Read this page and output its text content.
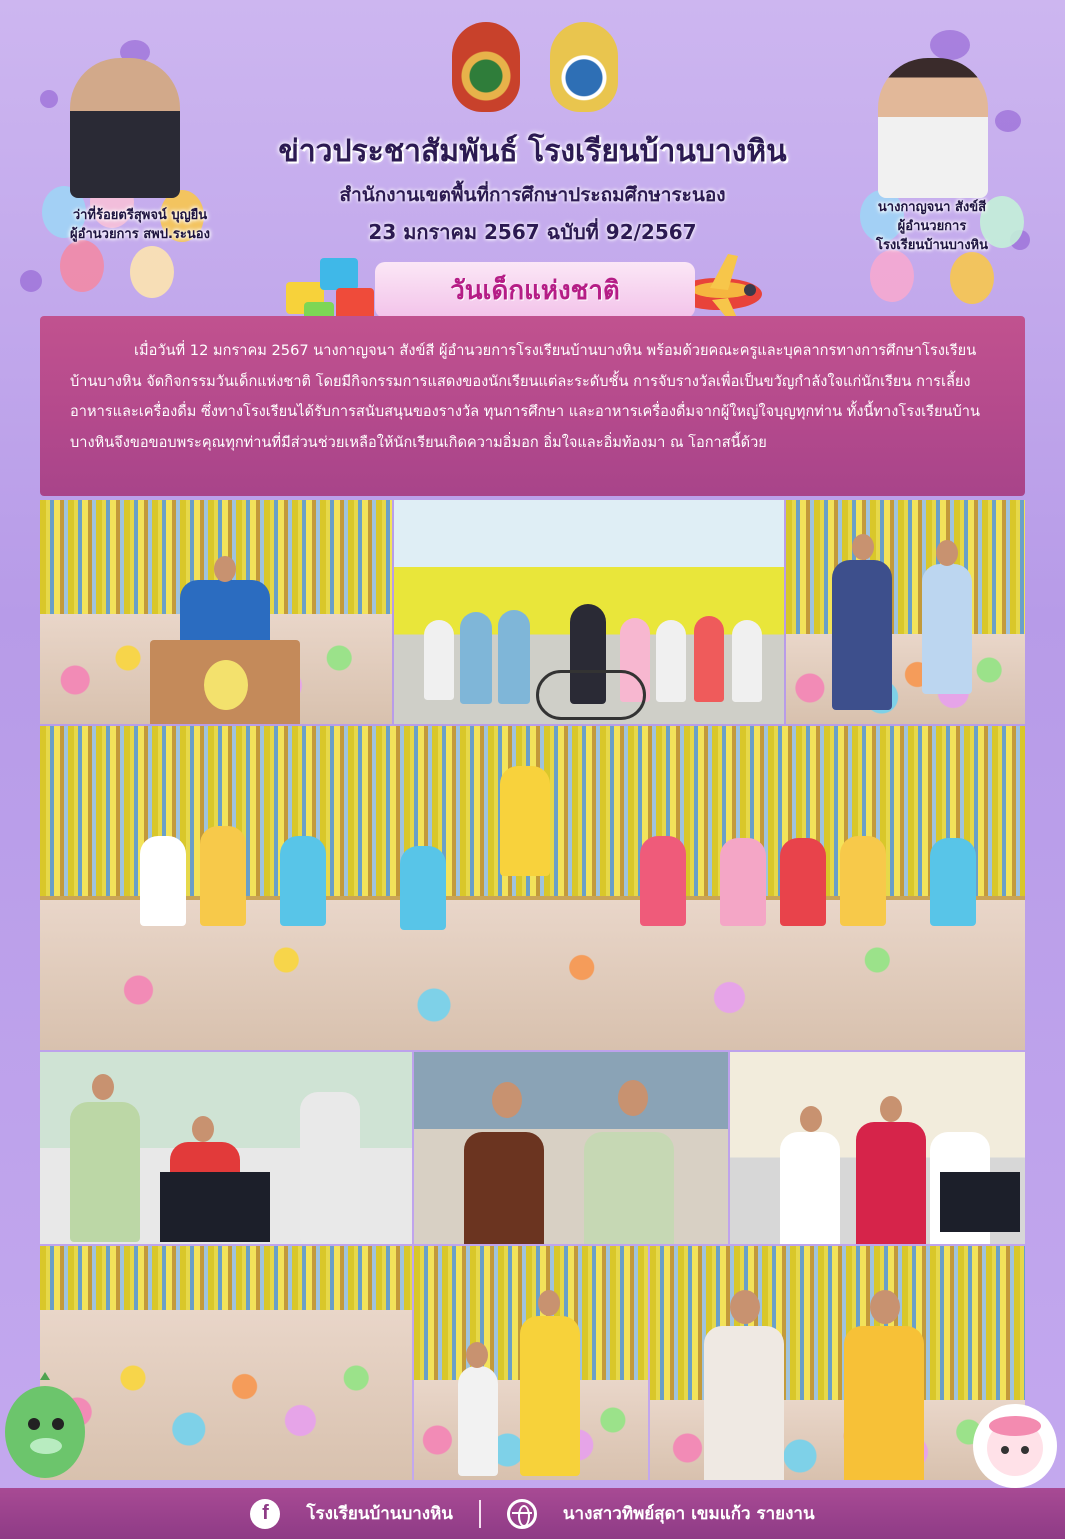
ว่าที่ร้อยตรีสุพจน์ บุญยืน
ผู้อำนวยการ สพป.ระนอง
นางกาญจนา สังข์สี
ผู้อำนวยการ
โรงเรียนบ้านบางหิน
ข่าวประชาสัมพันธ์ โรงเรียนบ้านบางหิน
สำนักงานเขตพื้นที่การศึกษาประถมศึกษาระนอง
23 มกราคม 2567 ฉบับที่ 92/2567
วันเด็กแห่งชาติ

เมื่อวันที่ 12 มกราคม 2567 นางกาญจนา สังข์สี ผู้อำนวยการโรงเรียนบ้านบางหิน พร้อมด้วยคณะครูและบุคลากรทางการศึกษาโรงเรียนบ้านบางหิน จัดกิจกรรมวันเด็กแห่งชาติ โดยมีกิจกรรมการแสดงของนักเรียนแต่ละระดับชั้น การจับรางวัลเพื่อเป็นขวัญกำลังใจแก่นักเรียน การเลี้ยงอาหารและเครื่องดื่ม ซึ่งทางโรงเรียนได้รับการสนับสนุนของรางวัล ทุนการศึกษา และอาหารเครื่องดื่มจากผู้ใหญ่ใจบุญทุกท่าน ทั้งนี้ทางโรงเรียนบ้านบางหินจึงขอขอบพระคุณทุกท่านที่มีส่วนช่วยเหลือให้นักเรียนเกิดความอิ่มอก อิ่มใจและอิ่มท้องมา ณ โอกาสนี้ด้วย

f	โรงเรียนบ้านบางหิน	นางสาวทิพย์สุดา เขมแก้ว รายงาน
